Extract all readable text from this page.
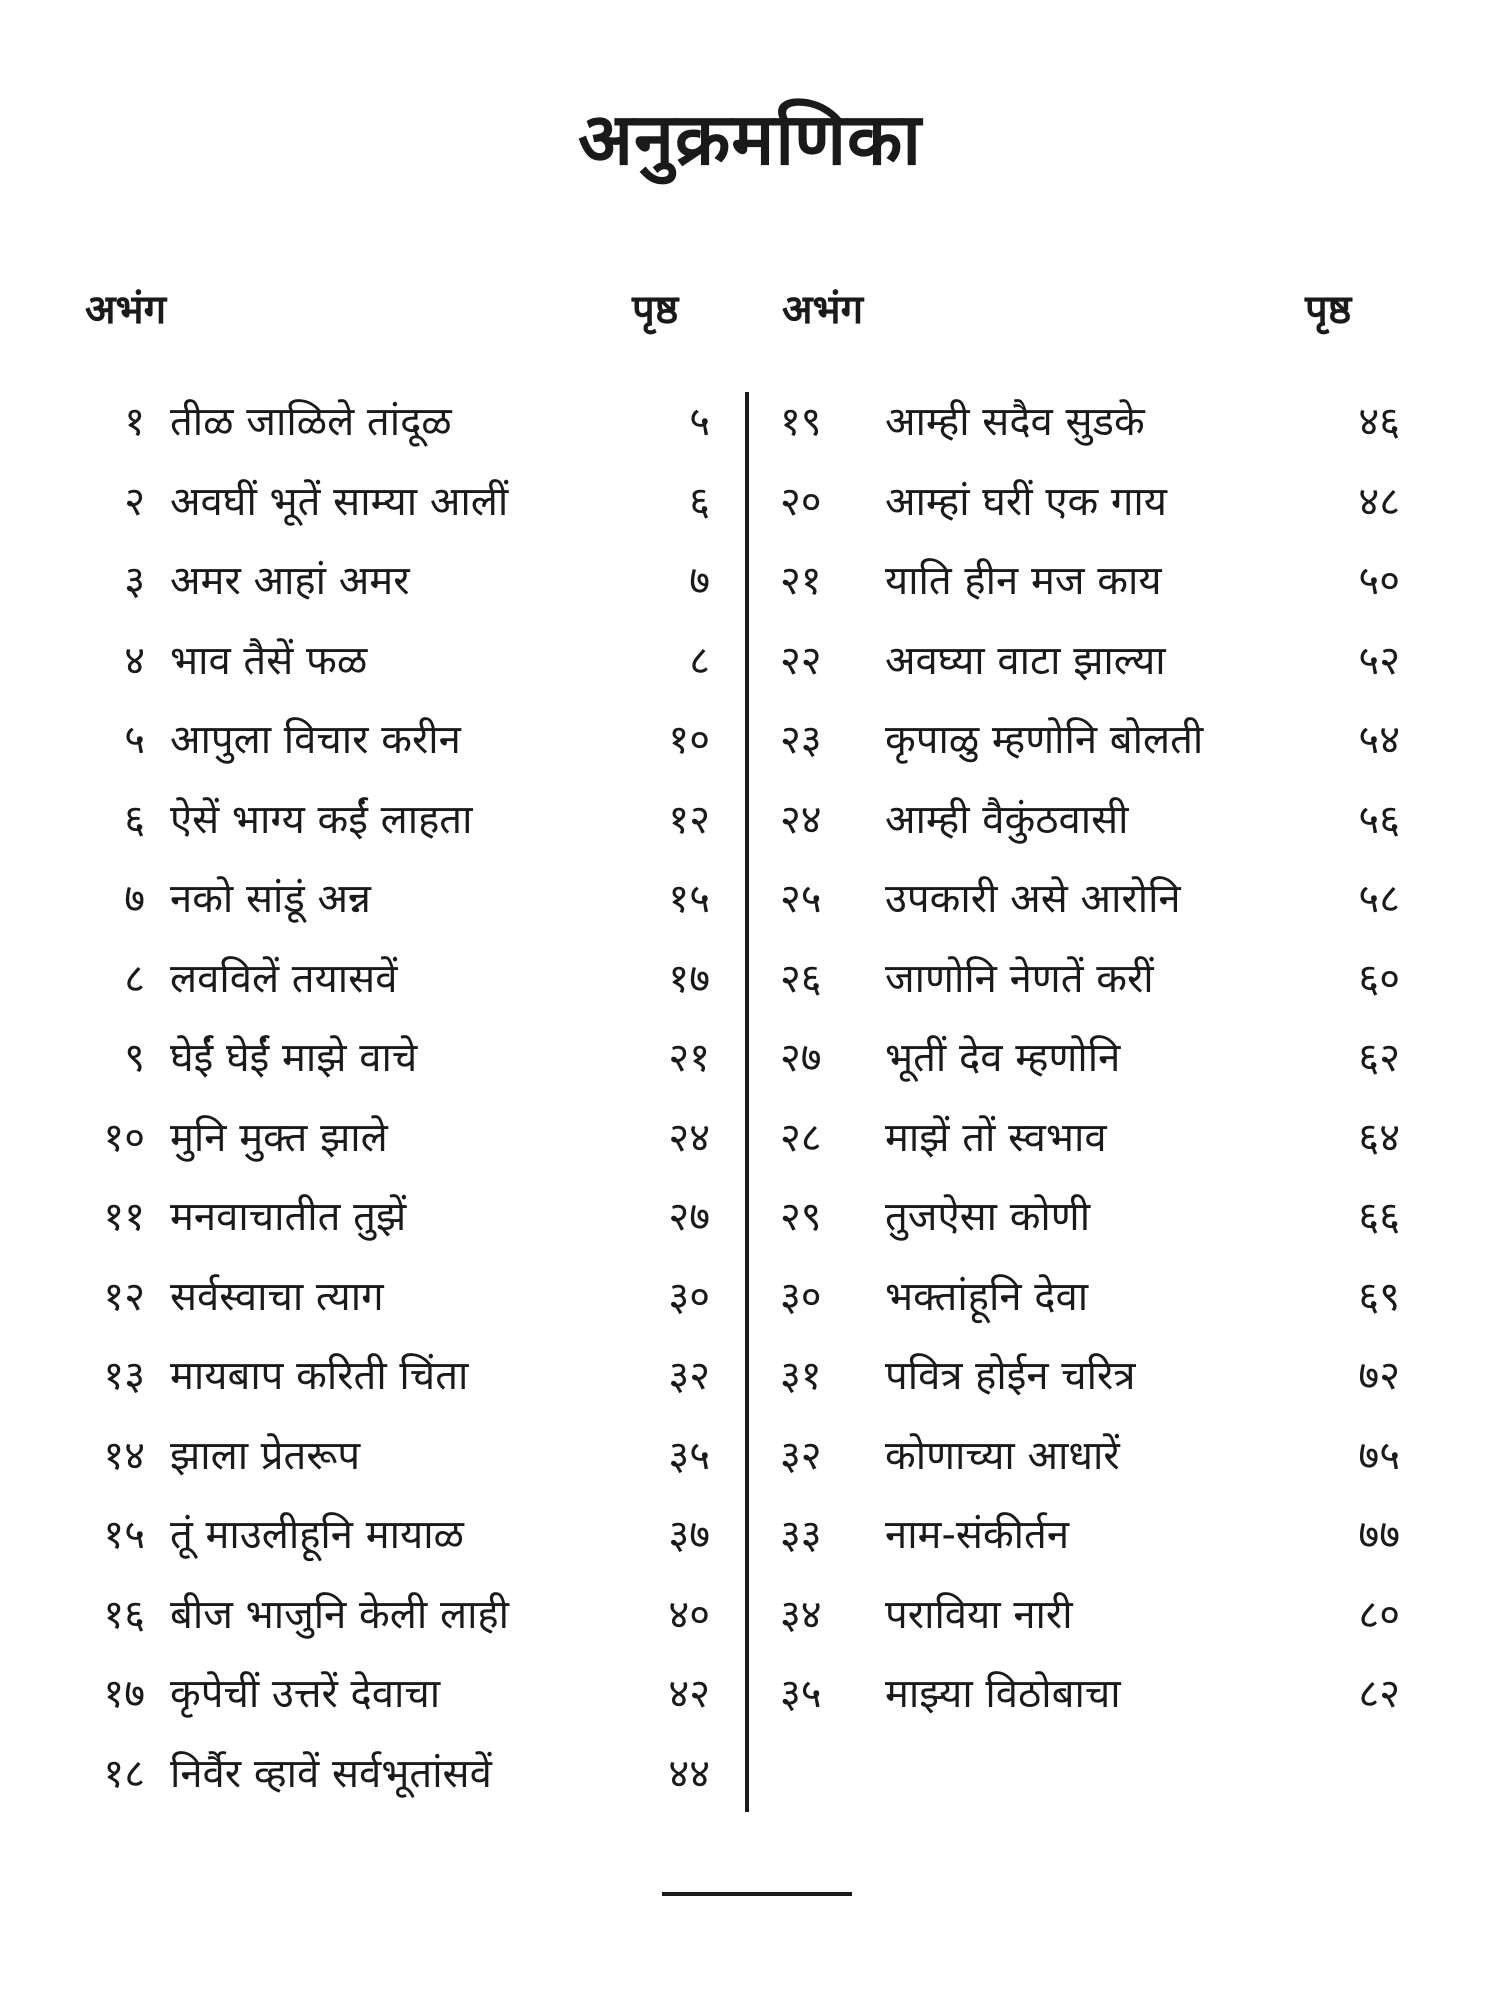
अनुक्रमणिका
अभंग	पृष्ठ	अभंग	पृष्ठ
१ तीळ जाळिले तांदूळ	५
२ अवघीं भूतें साम्या आलीं	६
३ अमर आहां अमर	७
४ भाव तैसें फळ	८
५ आपुला विचार करीन	१०
६ ऐसें भाग्य कईं लाहता	१२
७ नको सांडूं अन्न	१५
८ लवविलें तयासवें	१७
९ घेईं घेईं माझे वाचे	२१
१० मुनि मुक्त झाले	२४
११ मनवाचातीत तुझें	२७
१२ सर्वस्वाचा त्याग	३०
१३ मायबाप करिती चिंता	३२
१४ झाला प्रेतरूप	३५
१५ तूं माउलीहूनि मायाळ	३७
१६ बीज भाजुनि केली लाही	४०
१७ कृपेचीं उत्तरें देवाचा	४२
१८ निर्वैर व्हावें सर्वभूतांसवें	४४
१९	आम्ही सदैव सुडके	४६
२०	आम्हां घरीं एक गाय	४८
२१	याति हीन मज काय	५०
२२	अवघ्या वाटा झाल्या	५२
२३	कृपाळु म्हणोनि बोलती	५४
२४	आम्ही वैकुंठवासी	५६
२५	उपकारी असे आरोनि	५८
२६	जाणोनि नेणतें करीं	६०
२७	भूतीं देव म्हणोनि	६२
२८	माझें तों स्वभाव	६४
२९	तुजऐसा कोणी	६६
३०	भक्तांहूनि देवा	६९
३१	पवित्र होईन चरित्र	७२
३२	कोणाच्या आधारें	७५
३३	नाम-संकीर्तन	७७
३४	पराविया नारी	८०
३५	माझ्या विठोबाचा	८२
